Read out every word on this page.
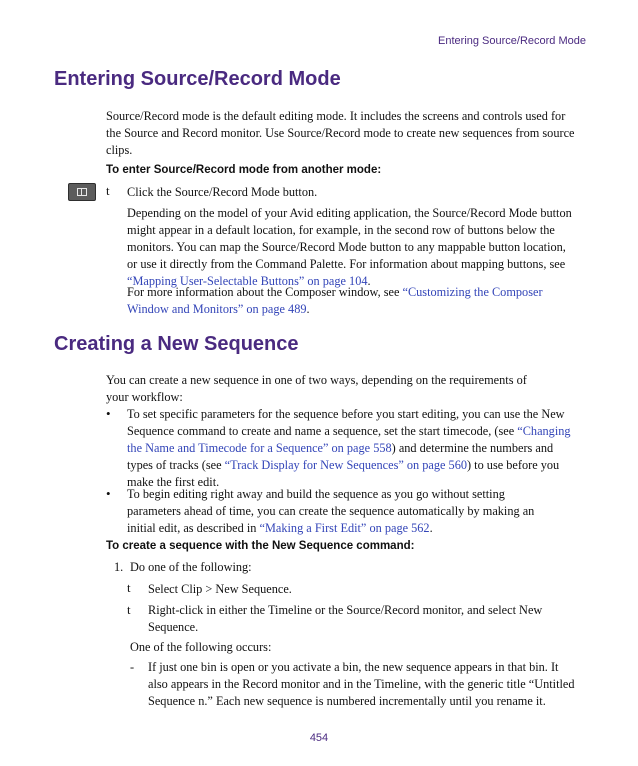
Entering Source/Record Mode
Entering Source/Record Mode

Source/Record mode is the default editing mode. It includes the screens and controls used for

the Source and Record monitor. Use Source/Record mode to create new sequences from source

clips.

To enter Source/Record mode from another mode:
t Click the Source/Record Mode button.

Depending on the model of your Avid editing application, the Source/Record Mode button

might appear in a default location, for example, in the second row of buttons below the

monitors. You can map the Source/Record Mode button to any mappable button location,

or use it directly from the Command Palette. For information about mapping buttons, see

“Mapping User-Selectable Buttons” on page 104.

For more information about the Composer window, see “Customizing the Composer

Window and Monitors” on page 489.

Creating a New Sequence

You can create a new sequence in one of two ways, depending on the requirements of

your workflow:

• To set specific parameters for the sequence before you start editing, you can use the New

Sequence command to create and name a sequence, set the start timecode, (see “Changing

the Name and Timecode for a Sequence” on page 558) and determine the numbers and

types of tracks (see “Track Display for New Sequences” on page 560) to use before you

make the first edit.

• To begin editing right away and build the sequence as you go without setting

parameters ahead of time, you can create the sequence automatically by making an

initial edit, as described in “Making a First Edit” on page 562.

To create a sequence with the New Sequence command:
1. Do one of the following:
t Select Clip > New Sequence.
t Right-click in either the Timeline or the Source/Record monitor, and select New

Sequence.

One of the following occurs:
-	If just one bin is open or you activate a bin, the new sequence appears in that bin. It

also appears in the Record monitor and in the Timeline, with the generic title “Untitled

Sequence n.” Each new sequence is numbered incrementally until you rename it.

454
